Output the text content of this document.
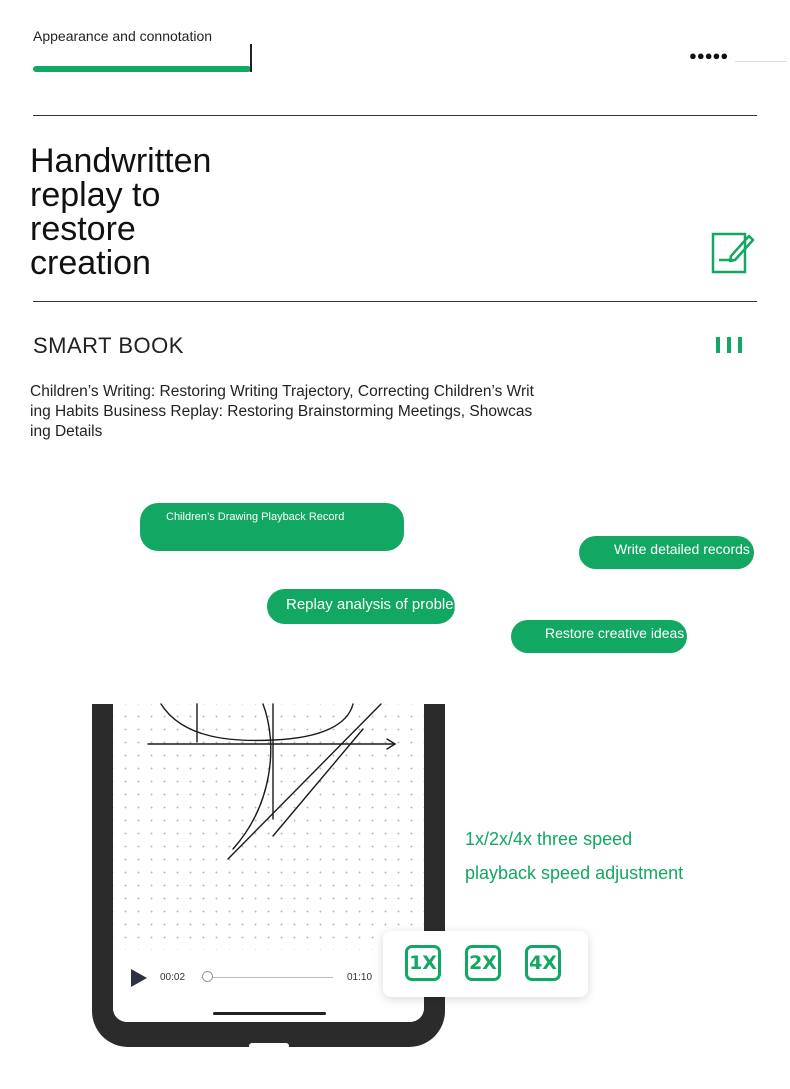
Appearance and connotation
●●●●●
Handwritten
replay to
restore
creation
SMART BOOK
Children’s Writing: Restoring Writing Trajectory, Correcting Children’s Writing Habits Business Replay: Restoring Brainstorming Meetings, Showcasing Details
Children’s Drawing Playback Record
Write detailed records
Replay analysis of problem-solving ideas
Restore creative ideas
00:02	01:10
1x/2x/4x three speed
playback speed adjustment
1X 2X 4X
